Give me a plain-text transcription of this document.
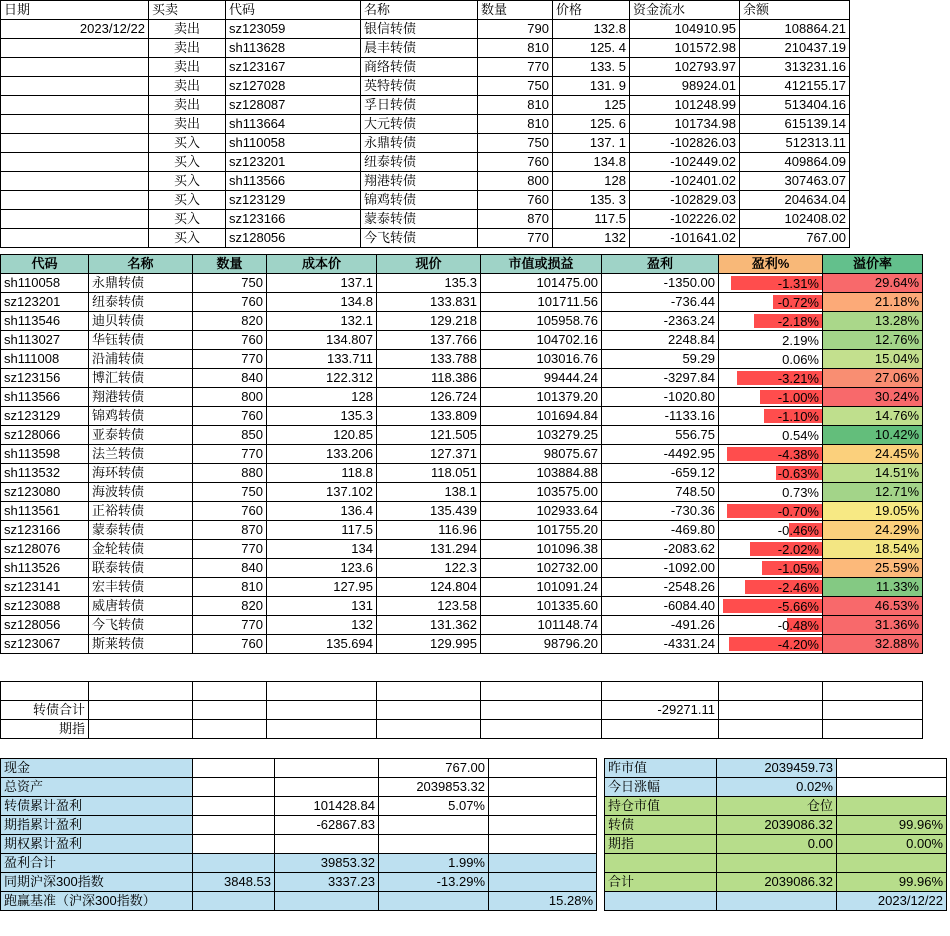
日期	买卖	代码	名称	数量	价格	资金流水	余额
2023/12/22	卖出	sz123059	银信转债	790	132.8	104910.95	108864.21
	卖出	sh113628	晨丰转债	810	125. 4	101572.98	210437.19
	卖出	sz123167	商络转债	770	133. 5	102793.97	313231.16
	卖出	sz127028	英特转债	750	131. 9	98924.01	412155.17
	卖出	sz128087	孚日转债	810	125	101248.99	513404.16
	卖出	sh113664	大元转债	810	125. 6	101734.98	615139.14
	买入	sh110058	永鼎转债	750	137. 1	-102826.03	512313.11
	买入	sz123201	纽泰转债	760	134.8	-102449.02	409864.09
	买入	sh113566	翔港转债	800	128	-102401.02	307463.07
	买入	sz123129	锦鸡转债	760	135. 3	-102829.03	204634.04
	买入	sz123166	蒙泰转债	870	117.5	-102226.02	102408.02
	买入	sz128056	今飞转债	770	132	-101641.02	767.00
代码	名称	数量	成本价	现价	市值或损益	盈利	盈利%	溢价率
sh110058	永鼎转债	750	137.1	135.3	101475.00	-1350.00	-1.31%	29.64%
sz123201	纽泰转债	760	134.8	133.831	101711.56	-736.44	-0.72%	21.18%
sh113546	迪贝转债	820	132.1	129.218	105958.76	-2363.24	-2.18%	13.28%
sh113027	华钰转债	760	134.807	137.766	104702.16	2248.84	2.19%	12.76%
sh111008	沿浦转债	770	133.711	133.788	103016.76	59.29	0.06%	15.04%
sz123156	博汇转债	840	122.312	118.386	99444.24	-3297.84	-3.21%	27.06%
sh113566	翔港转债	800	128	126.724	101379.20	-1020.80	-1.00%	30.24%
sz123129	锦鸡转债	760	135.3	133.809	101694.84	-1133.16	-1.10%	14.76%
sz128066	亚泰转债	850	120.85	121.505	103279.25	556.75	0.54%	10.42%
sh113598	法兰转债	770	133.206	127.371	98075.67	-4492.95	-4.38%	24.45%
sh113532	海环转债	880	118.8	118.051	103884.88	-659.12	-0.63%	14.51%
sz123080	海波转债	750	137.102	138.1	103575.00	748.50	0.73%	12.71%
sh113561	正裕转债	760	136.4	135.439	102933.64	-730.36	-0.70%	19.05%
sz123166	蒙泰转债	870	117.5	116.96	101755.20	-469.80	-0.46%	24.29%
sz128076	金轮转债	770	134	131.294	101096.38	-2083.62	-2.02%	18.54%
sh113526	联泰转债	840	123.6	122.3	102732.00	-1092.00	-1.05%	25.59%
sz123141	宏丰转债	810	127.95	124.804	101091.24	-2548.26	-2.46%	11.33%
sz123088	威唐转债	820	131	123.58	101335.60	-6084.40	-5.66%	46.53%
sz128056	今飞转债	770	132	131.362	101148.74	-491.26	-0.48%	31.36%
sz123067	斯莱转债	760	135.694	129.995	98796.20	-4331.24	-4.20%	32.88%

转债合计						-29271.11		
期指								
现金			767.00	
总资产			2039853.32	
转债累计盈利		101428.84	5.07%	
期指累计盈利		-62867.83		
期权累计盈利				
盈利合计		39853.32	1.99%	
同期沪深300指数	3848.53	3337.23	-13.29%	
跑赢基准（沪深300指数）				15.28%
昨市值	2039459.73	
今日涨幅	0.02%	
持仓市值	仓位	
转债	2039086.32	99.96%
期指	0.00	0.00%

合计	2039086.32	99.96%
		2023/12/22
